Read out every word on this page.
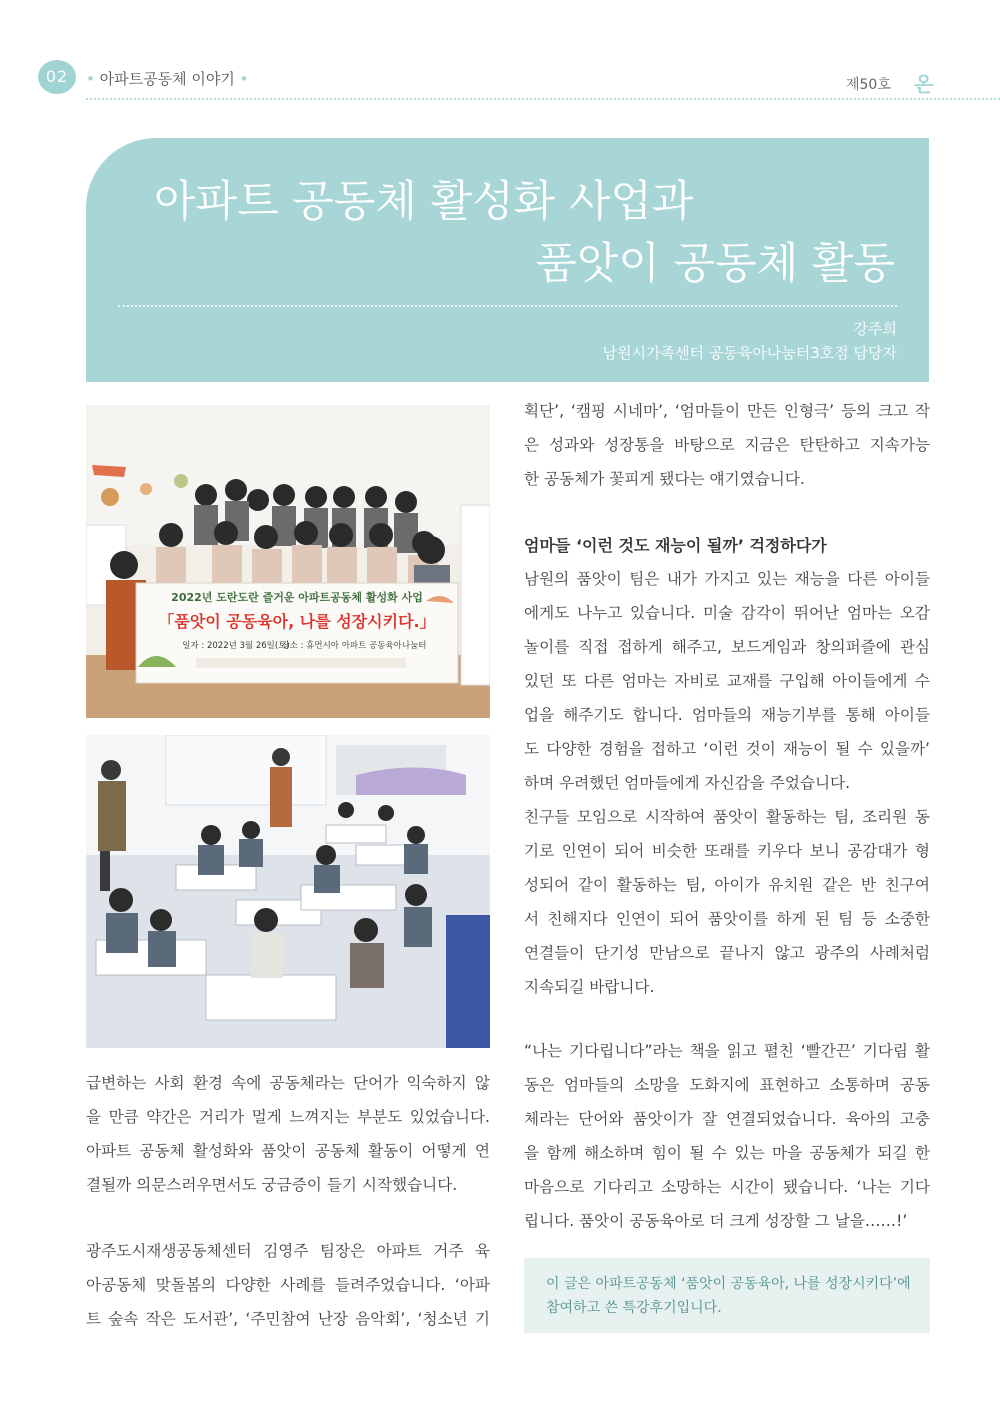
02	• 아파트공동체 이야기 •	제50호 온
아파트 공동체 활성화 사업과
품앗이 공동체 활동
강주희
남원시가족센터 공동육아나눔터3호점 담당자
2022년 도란도란 즐거운 아파트공동체 활성화 사업
「품앗이 공동육아, 나를 성장시키다.」
일자 : 2022년 3월 26일(토)
장소 : 휴먼시아 아파트 공동육아나눔터

급변하는 사회 환경 속에 공동체라는 단어가 익숙하지 않

을 만큼 약간은 거리가 멀게 느껴지는 부분도 있었습니다.

아파트 공동체 활성화와 품앗이 공동체 활동이 어떻게 연

결될까 의문스러우면서도 궁금증이 들기 시작했습니다.

광주도시재생공동체센터 김영주 팀장은 아파트 거주 육

아공동체 맞돌봄의 다양한 사례를 들려주었습니다. ‘아파

트 숲속 작은 도서관’, ‘주민참여 난장 음악회’, ‘청소년 기

획단’, ‘캠핑 시네마’, ‘엄마들이 만든 인형극’ 등의 크고 작

은 성과와 성장통을 바탕으로 지금은 탄탄하고 지속가능

한 공동체가 꽃피게 됐다는 얘기였습니다.

엄마들 ‘이런 것도 재능이 될까’ 걱정하다가

남원의 품앗이 팀은 내가 가지고 있는 재능을 다른 아이들

에게도 나누고 있습니다. 미술 감각이 뛰어난 엄마는 오감

놀이를 직접 접하게 해주고, 보드게임과 창의퍼즐에 관심

있던 또 다른 엄마는 자비로 교재를 구입해 아이들에게 수

업을 해주기도 합니다. 엄마들의 재능기부를 통해 아이들

도 다양한 경험을 접하고 ‘이런 것이 재능이 될 수 있을까’

하며 우려했던 엄마들에게 자신감을 주었습니다.

친구들 모임으로 시작하여 품앗이 활동하는 팀, 조리원 동

기로 인연이 되어 비슷한 또래를 키우다 보니 공감대가 형

성되어 같이 활동하는 팀, 아이가 유치원 같은 반 친구여

서 친해지다 인연이 되어 품앗이를 하게 된 팀 등 소중한

연결들이 단기성 만남으로 끝나지 않고 광주의 사례처럼

지속되길 바랍니다.

“나는 기다립니다”라는 책을 읽고 펼친 ‘빨간끈’ 기다림 활

동은 엄마들의 소망을 도화지에 표현하고 소통하며 공동

체라는 단어와 품앗이가 잘 연결되었습니다. 육아의 고충

을 함께 해소하며 힘이 될 수 있는 마을 공동체가 되길 한

마음으로 기다리고 소망하는 시간이 됐습니다. ‘나는 기다

립니다. 품앗이 공동육아로 더 크게 성장할 그 날을……!’

이 글은 아파트공동체 ‘품앗이 공동육아, 나를 성장시키다’에
참여하고 쓴 특강후기입니다.
